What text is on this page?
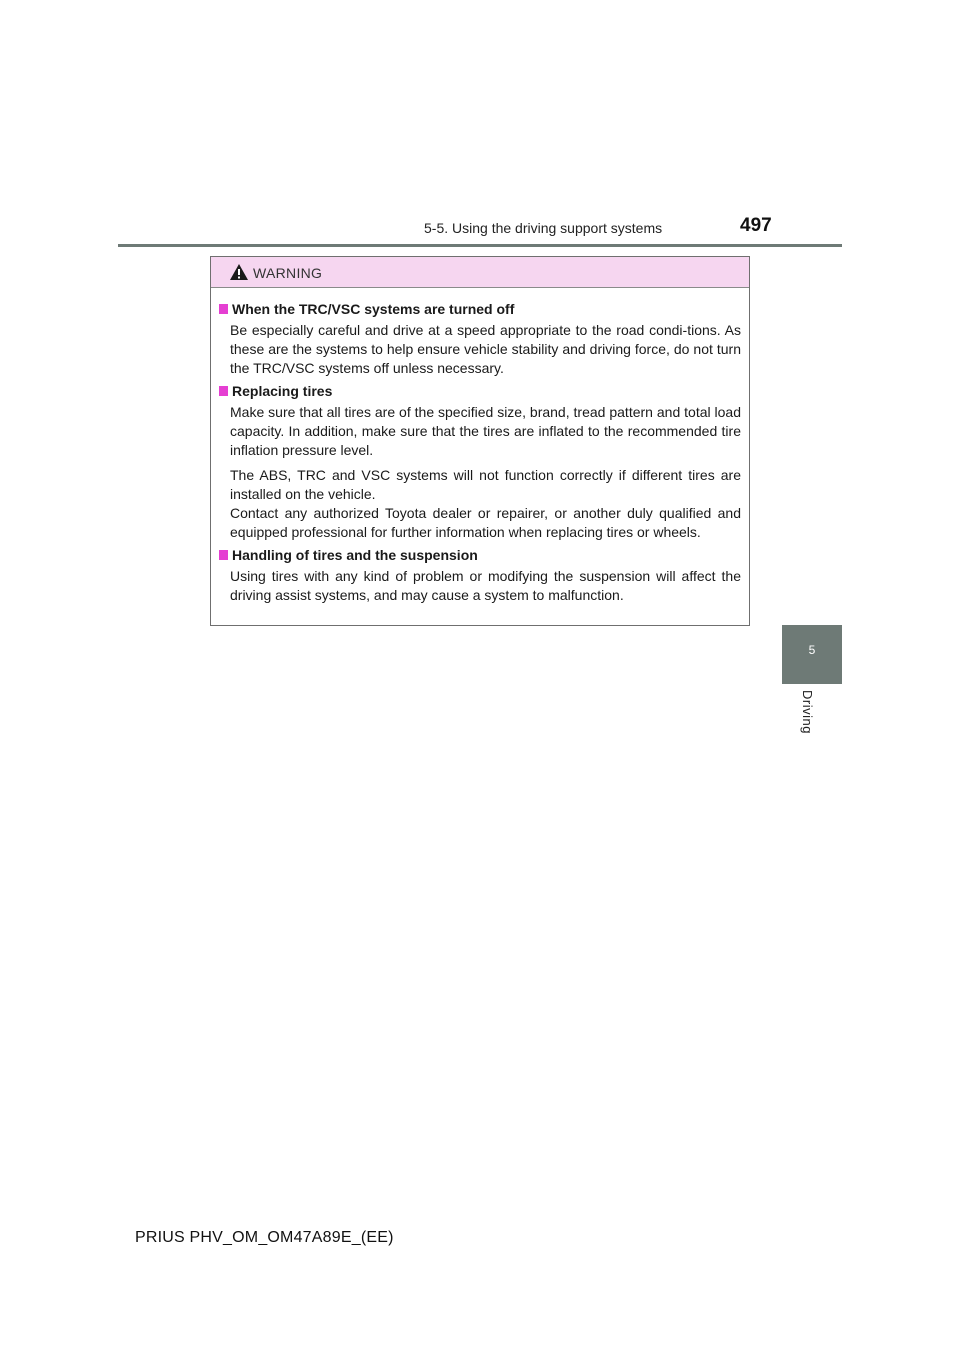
5-5. Using the driving support systems	497
5
Driving
WARNING
When the TRC/VSC systems are turned off

Be especially careful and drive at a speed appropriate to the road condi-tions. As these are the systems to help ensure vehicle stability and driving force, do not turn the TRC/VSC systems off unless necessary.

Replacing tires

Make sure that all tires are of the specified size, brand, tread pattern and total load capacity. In addition, make sure that the tires are inflated to the recommended tire inflation pressure level.

The ABS, TRC and VSC systems will not function correctly if different tires are installed on the vehicle.

Contact any authorized Toyota dealer or repairer, or another duly qualified and equipped professional for further information when replacing tires or wheels.

Handling of tires and the suspension

Using tires with any kind of problem or modifying the suspension will affect the driving assist systems, and may cause a system to malfunction.

PRIUS PHV_OM_OM47A89E_(EE)
